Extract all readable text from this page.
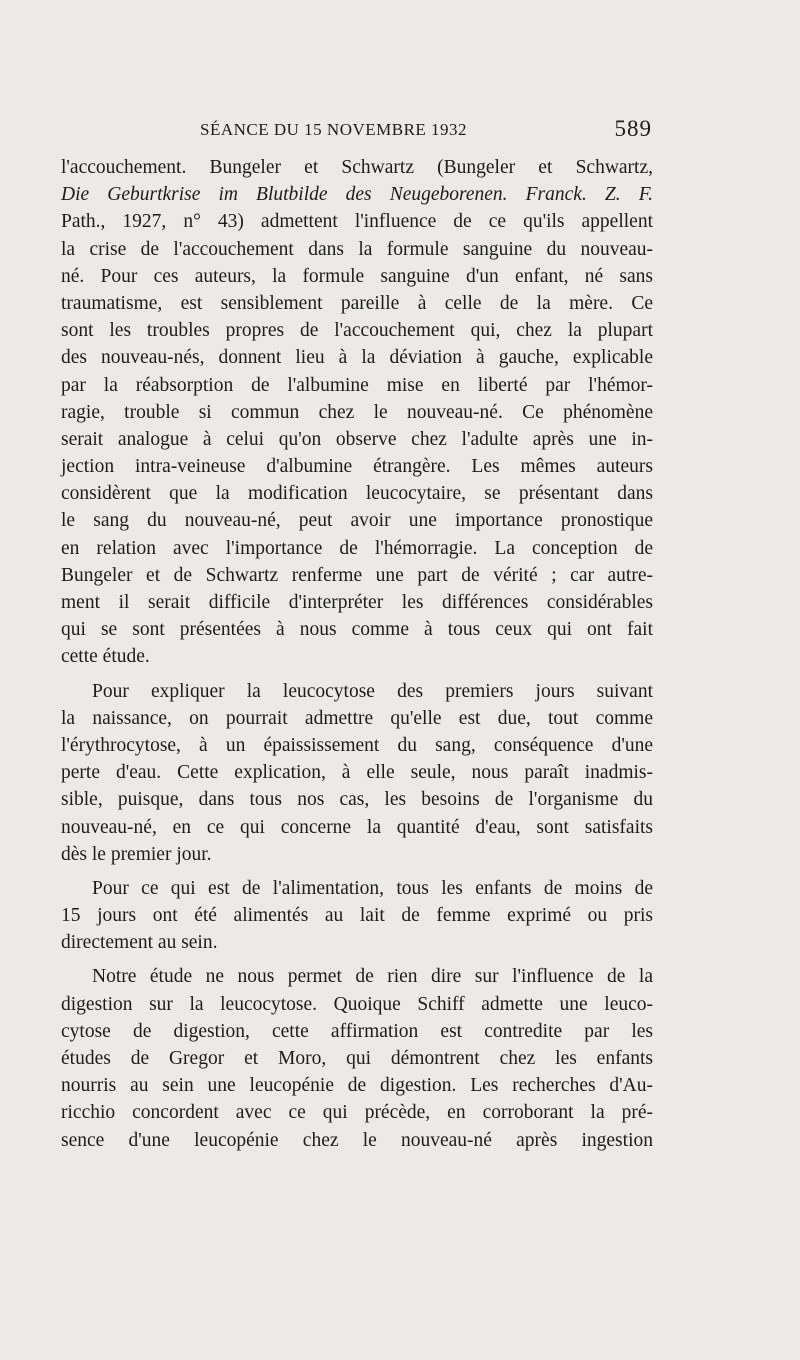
SÉANCE DU 15 NOVEMBRE 1932	589
l'accouchement. Bungeler et Schwartz (Bungeler et Schwartz,
Die Geburtkrise im Blutbilde des Neugeborenen. Franck. Z. F.
Path., 1927, n° 43) admettent l'influence de ce qu'ils appellent
la crise de l'accouchement dans la formule sanguine du nouveau-
né. Pour ces auteurs, la formule sanguine d'un enfant, né sans
traumatisme, est sensiblement pareille à celle de la mère. Ce
sont les troubles propres de l'accouchement qui, chez la plupart
des nouveau-nés, donnent lieu à la déviation à gauche, explicable
par la réabsorption de l'albumine mise en liberté par l'hémor-
ragie, trouble si commun chez le nouveau-né. Ce phénomène
serait analogue à celui qu'on observe chez l'adulte après une in-
jection intra-veineuse d'albumine étrangère. Les mêmes auteurs
considèrent que la modification leucocytaire, se présentant dans
le sang du nouveau-né, peut avoir une importance pronostique
en relation avec l'importance de l'hémorragie. La conception de
Bungeler et de Schwartz renferme une part de vérité ; car autre-
ment il serait difficile d'interpréter les différences considérables
qui se sont présentées à nous comme à tous ceux qui ont fait
cette étude.
Pour expliquer la leucocytose des premiers jours suivant
la naissance, on pourrait admettre qu'elle est due, tout comme
l'érythrocytose, à un épaississement du sang, conséquence d'une
perte d'eau. Cette explication, à elle seule, nous paraît inadmis-
sible, puisque, dans tous nos cas, les besoins de l'organisme du
nouveau-né, en ce qui concerne la quantité d'eau, sont satisfaits
dès le premier jour.
Pour ce qui est de l'alimentation, tous les enfants de moins de
15 jours ont été alimentés au lait de femme exprimé ou pris
directement au sein.
Notre étude ne nous permet de rien dire sur l'influence de la
digestion sur la leucocytose. Quoique Schiff admette une leuco-
cytose de digestion, cette affirmation est contredite par les
études de Gregor et Moro, qui démontrent chez les enfants
nourris au sein une leucopénie de digestion. Les recherches d'Au-
ricchio concordent avec ce qui précède, en corroborant la pré-
sence d'une leucopénie chez le nouveau-né après ingestion
